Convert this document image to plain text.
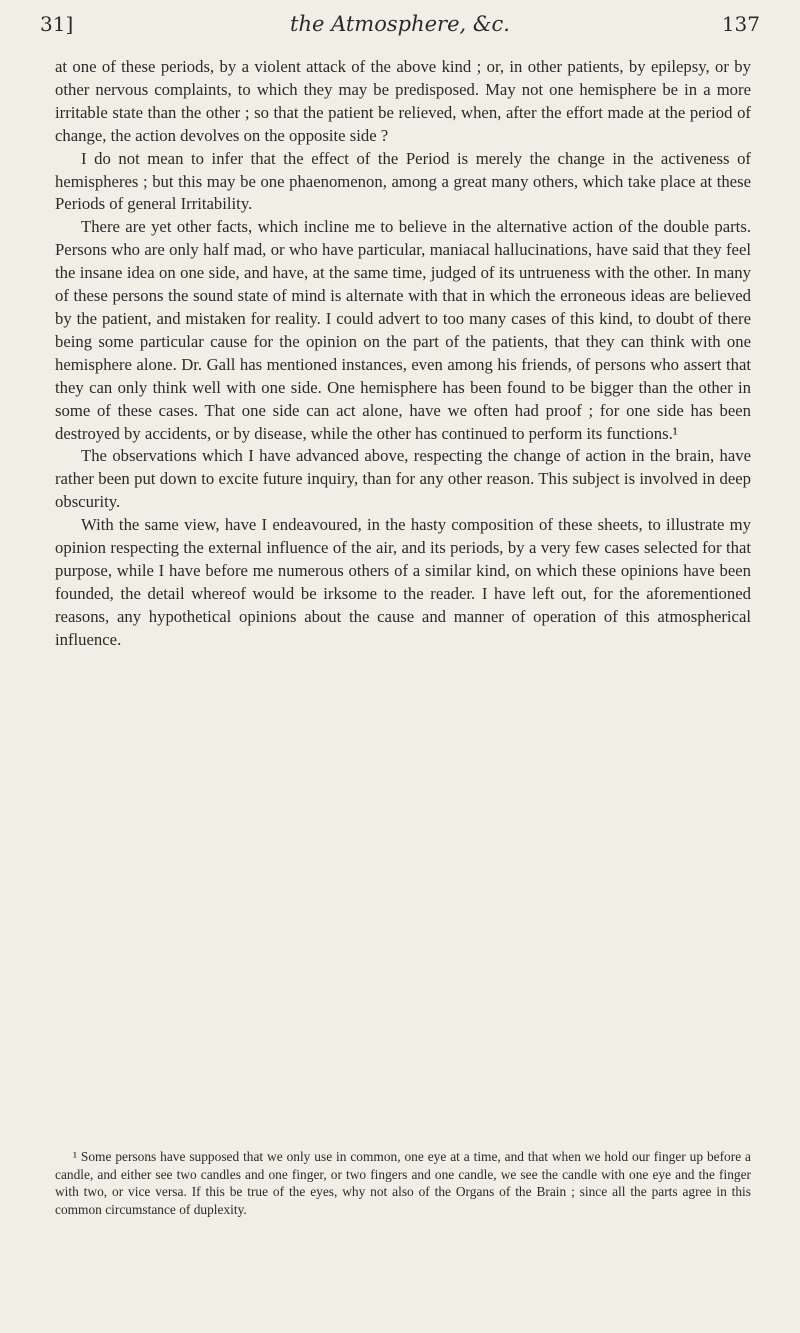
31]	the Atmosphere, &c.	137

at one of these periods, by a violent attack of the above kind ; or, in other patients, by epilepsy, or by other nervous complaints, to which they may be predisposed. May not one hemisphere be in a more irritable state than the other ; so that the patient be relieved, when, after the effort made at the period of change, the action devolves on the opposite side ?

I do not mean to infer that the effect of the Period is merely the change in the activeness of hemispheres ; but this may be one phaenomenon, among a great many others, which take place at these Periods of general Irritability.

There are yet other facts, which incline me to believe in the alternative action of the double parts. Persons who are only half mad, or who have particular, maniacal hallucinations, have said that they feel the insane idea on one side, and have, at the same time, judged of its untrueness with the other. In many of these persons the sound state of mind is alternate with that in which the erroneous ideas are believed by the patient, and mistaken for reality. I could advert to too many cases of this kind, to doubt of there being some particular cause for the opinion on the part of the patients, that they can think with one hemisphere alone. Dr. Gall has mentioned instances, even among his friends, of persons who assert that they can only think well with one side. One hemisphere has been found to be bigger than the other in some of these cases. That one side can act alone, have we often had proof ; for one side has been destroyed by accidents, or by disease, while the other has continued to perform its functions.¹

The observations which I have advanced above, respecting the change of action in the brain, have rather been put down to excite future inquiry, than for any other reason. This subject is involved in deep obscurity.

With the same view, have I endeavoured, in the hasty composition of these sheets, to illustrate my opinion respecting the external influence of the air, and its periods, by a very few cases selected for that purpose, while I have before me numerous others of a similar kind, on which these opinions have been founded, the detail whereof would be irksome to the reader. I have left out, for the aforementioned reasons, any hypothetical opinions about the cause and manner of operation of this atmospherical influence.

¹ Some persons have supposed that we only use in common, one eye at a time, and that when we hold our finger up before a candle, and either see two candles and one finger, or two fingers and one candle, we see the candle with one eye and the finger with two, or vice versa. If this be true of the eyes, why not also of the Organs of the Brain ; since all the parts agree in this common circumstance of duplexity.
